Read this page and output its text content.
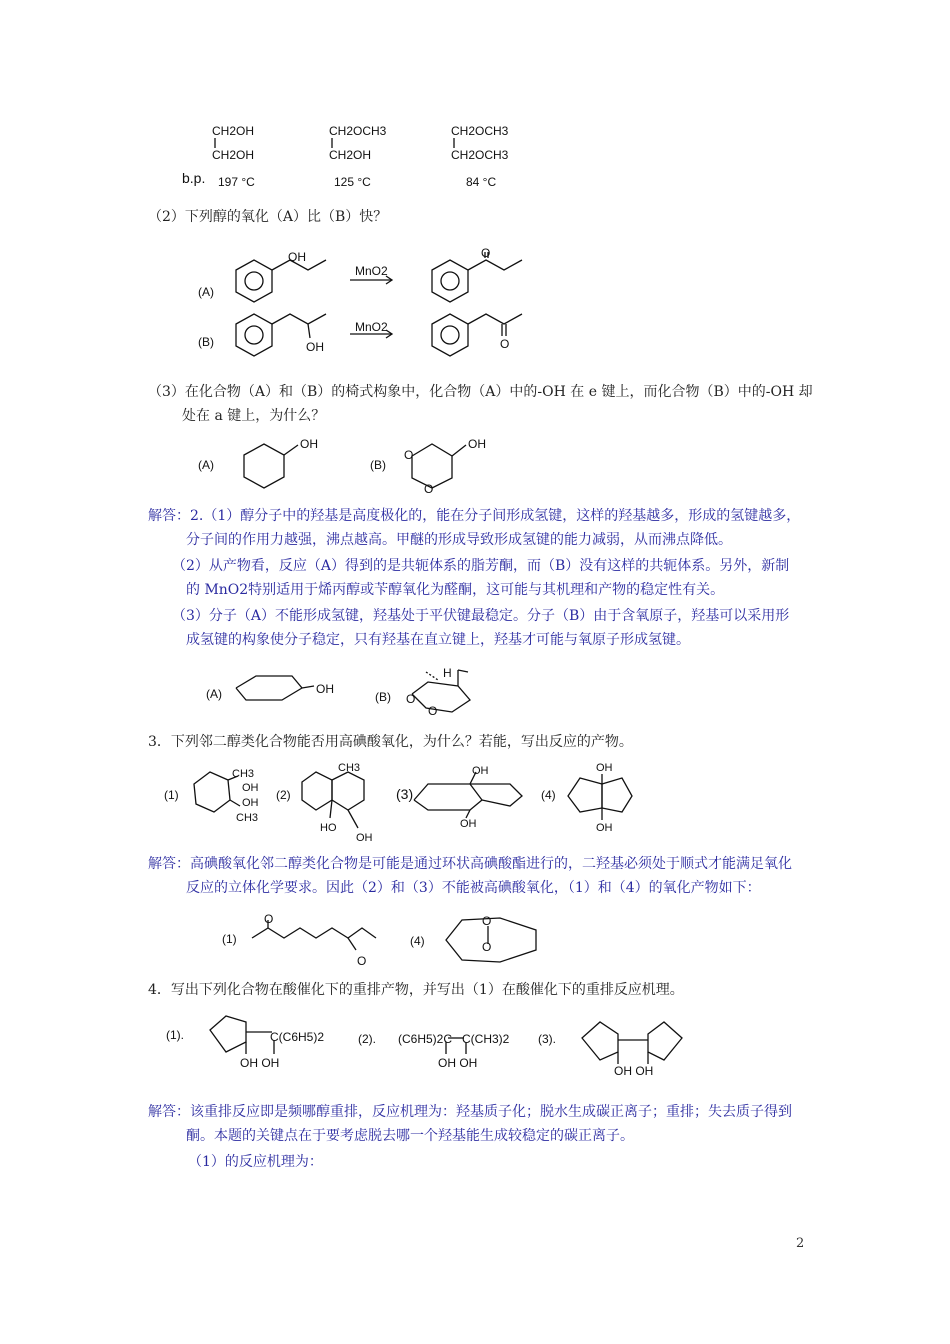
b.p.
CH2OH
CH2OH
197 °C
CH2OCH3
CH2OH
125 °C
CH2OCH3
CH2OCH3
84 °C
（2）下列醇的氧化（A）比（B）快？
(A)
(B)
MnO2
MnO2
OH
OH
O
O
（3）在化合物（A）和（B）的椅式构象中，化合物（A）中的-OH 在 e 键上，而化合物（B）中的-OH 却
处在 a 键上，为什么？
(A)	(B)
OH	OH
O
O
解答：2.（1）醇分子中的羟基是高度极化的，能在分子间形成氢键，这样的羟基越多，形成的氢键越多，
分子间的作用力越强，沸点越高。甲醚的形成导致形成氢键的能力减弱，从而沸点降低。
（2）从产物看，反应（A）得到的是共轭体系的脂芳酮，而（B）没有这样的共轭体系。另外，新制
的 MnO2特别适用于烯丙醇或苄醇氧化为醛酮，这可能与其机理和产物的稳定性有关。
（3）分子（A）不能形成氢键，羟基处于平伏键最稳定。分子（B）由于含氧原子，羟基可以采用形
成氢键的构象使分子稳定，只有羟基在直立键上，羟基才可能与氧原子形成氢键。
(A)	(B)
OH
H
O
O
3．下列邻二醇类化合物能否用高碘酸氧化，为什么？若能，写出反应的产物。
(1)	(2)	(3)	(4)
CH3
OH
OH
CH3
CH3
HO
OH
OH
OH
OH
OH
解答：高碘酸氧化邻二醇类化合物是可能是通过环状高碘酸酯进行的，二羟基必须处于顺式才能满足氧化
反应的立体化学要求。因此（2）和（3）不能被高碘酸氧化，（1）和（4）的氧化产物如下：
(1)	(4)
O
O
O
O
4．写出下列化合物在酸催化下的重排产物，并写出（1）在酸催化下的重排反应机理。
(1).	(2).	(3).
C(C6H5)2
OH OH
(C6H5)2C C(CH3)2
OH OH
OH OH
解答：该重排反应即是频哪醇重排，反应机理为：羟基质子化；脱水生成碳正离子；重排；失去质子得到
酮。本题的关键点在于要考虑脱去哪一个羟基能生成较稳定的碳正离子。
（1）的反应机理为：
2
